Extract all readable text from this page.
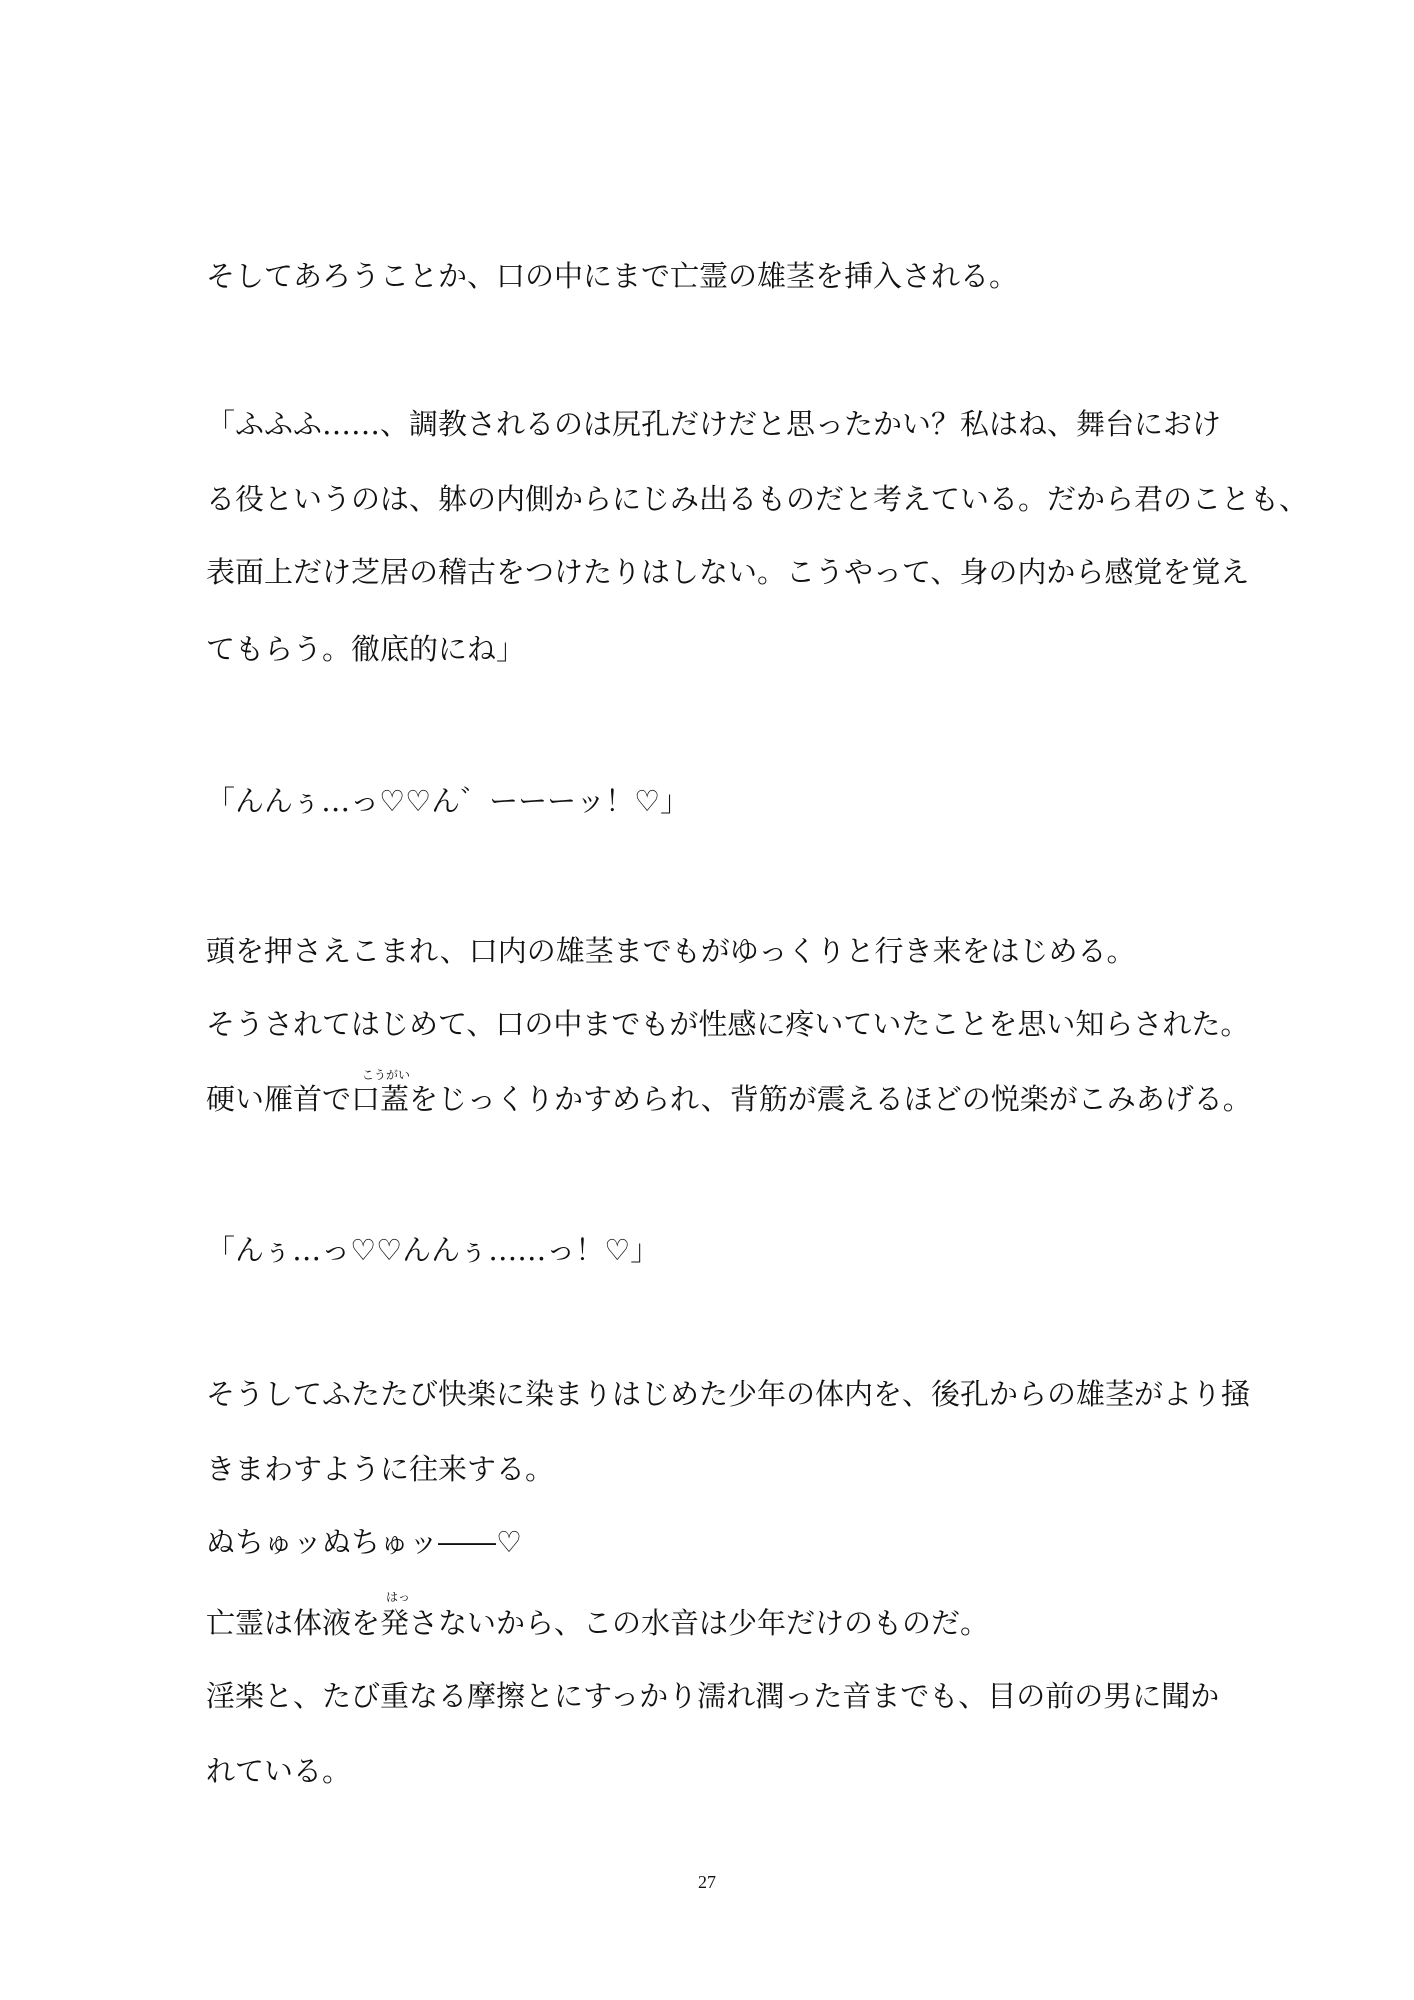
そしてあろうことか、口の中にまで亡霊の雄茎を挿入される。
「ふふふ……、調教されるのは尻孔だけだと思ったかい？私はね、舞台におけ
る役というのは、躰の内側からにじみ出るものだと考えている。だから君のことも、
表面上だけ芝居の稽古をつけたりはしない。こうやって、身の内から感覚を覚え
てもらう。徹底的にね」
「んんぅ…っ♡♡ん゛ーーーッ！♡」
頭を押さえこまれ、口内の雄茎までもがゆっくりと行き来をはじめる。
そうされてはじめて、口の中までもが性感に疼いていたことを思い知らされた。
こうがい
硬い雁首で口蓋をじっくりかすめられ、背筋が震えるほどの悦楽がこみあげる。
「んぅ…っ♡♡んんぅ……っ！♡」
そうしてふたたび快楽に染まりはじめた少年の体内を、後孔からの雄茎がより掻
きまわすように往来する。
ぬちゅッぬちゅッ――♡
はっ
亡霊は体液を発さないから、この水音は少年だけのものだ。
淫楽と、たび重なる摩擦とにすっかり濡れ潤った音までも、目の前の男に聞か
れている。
27
